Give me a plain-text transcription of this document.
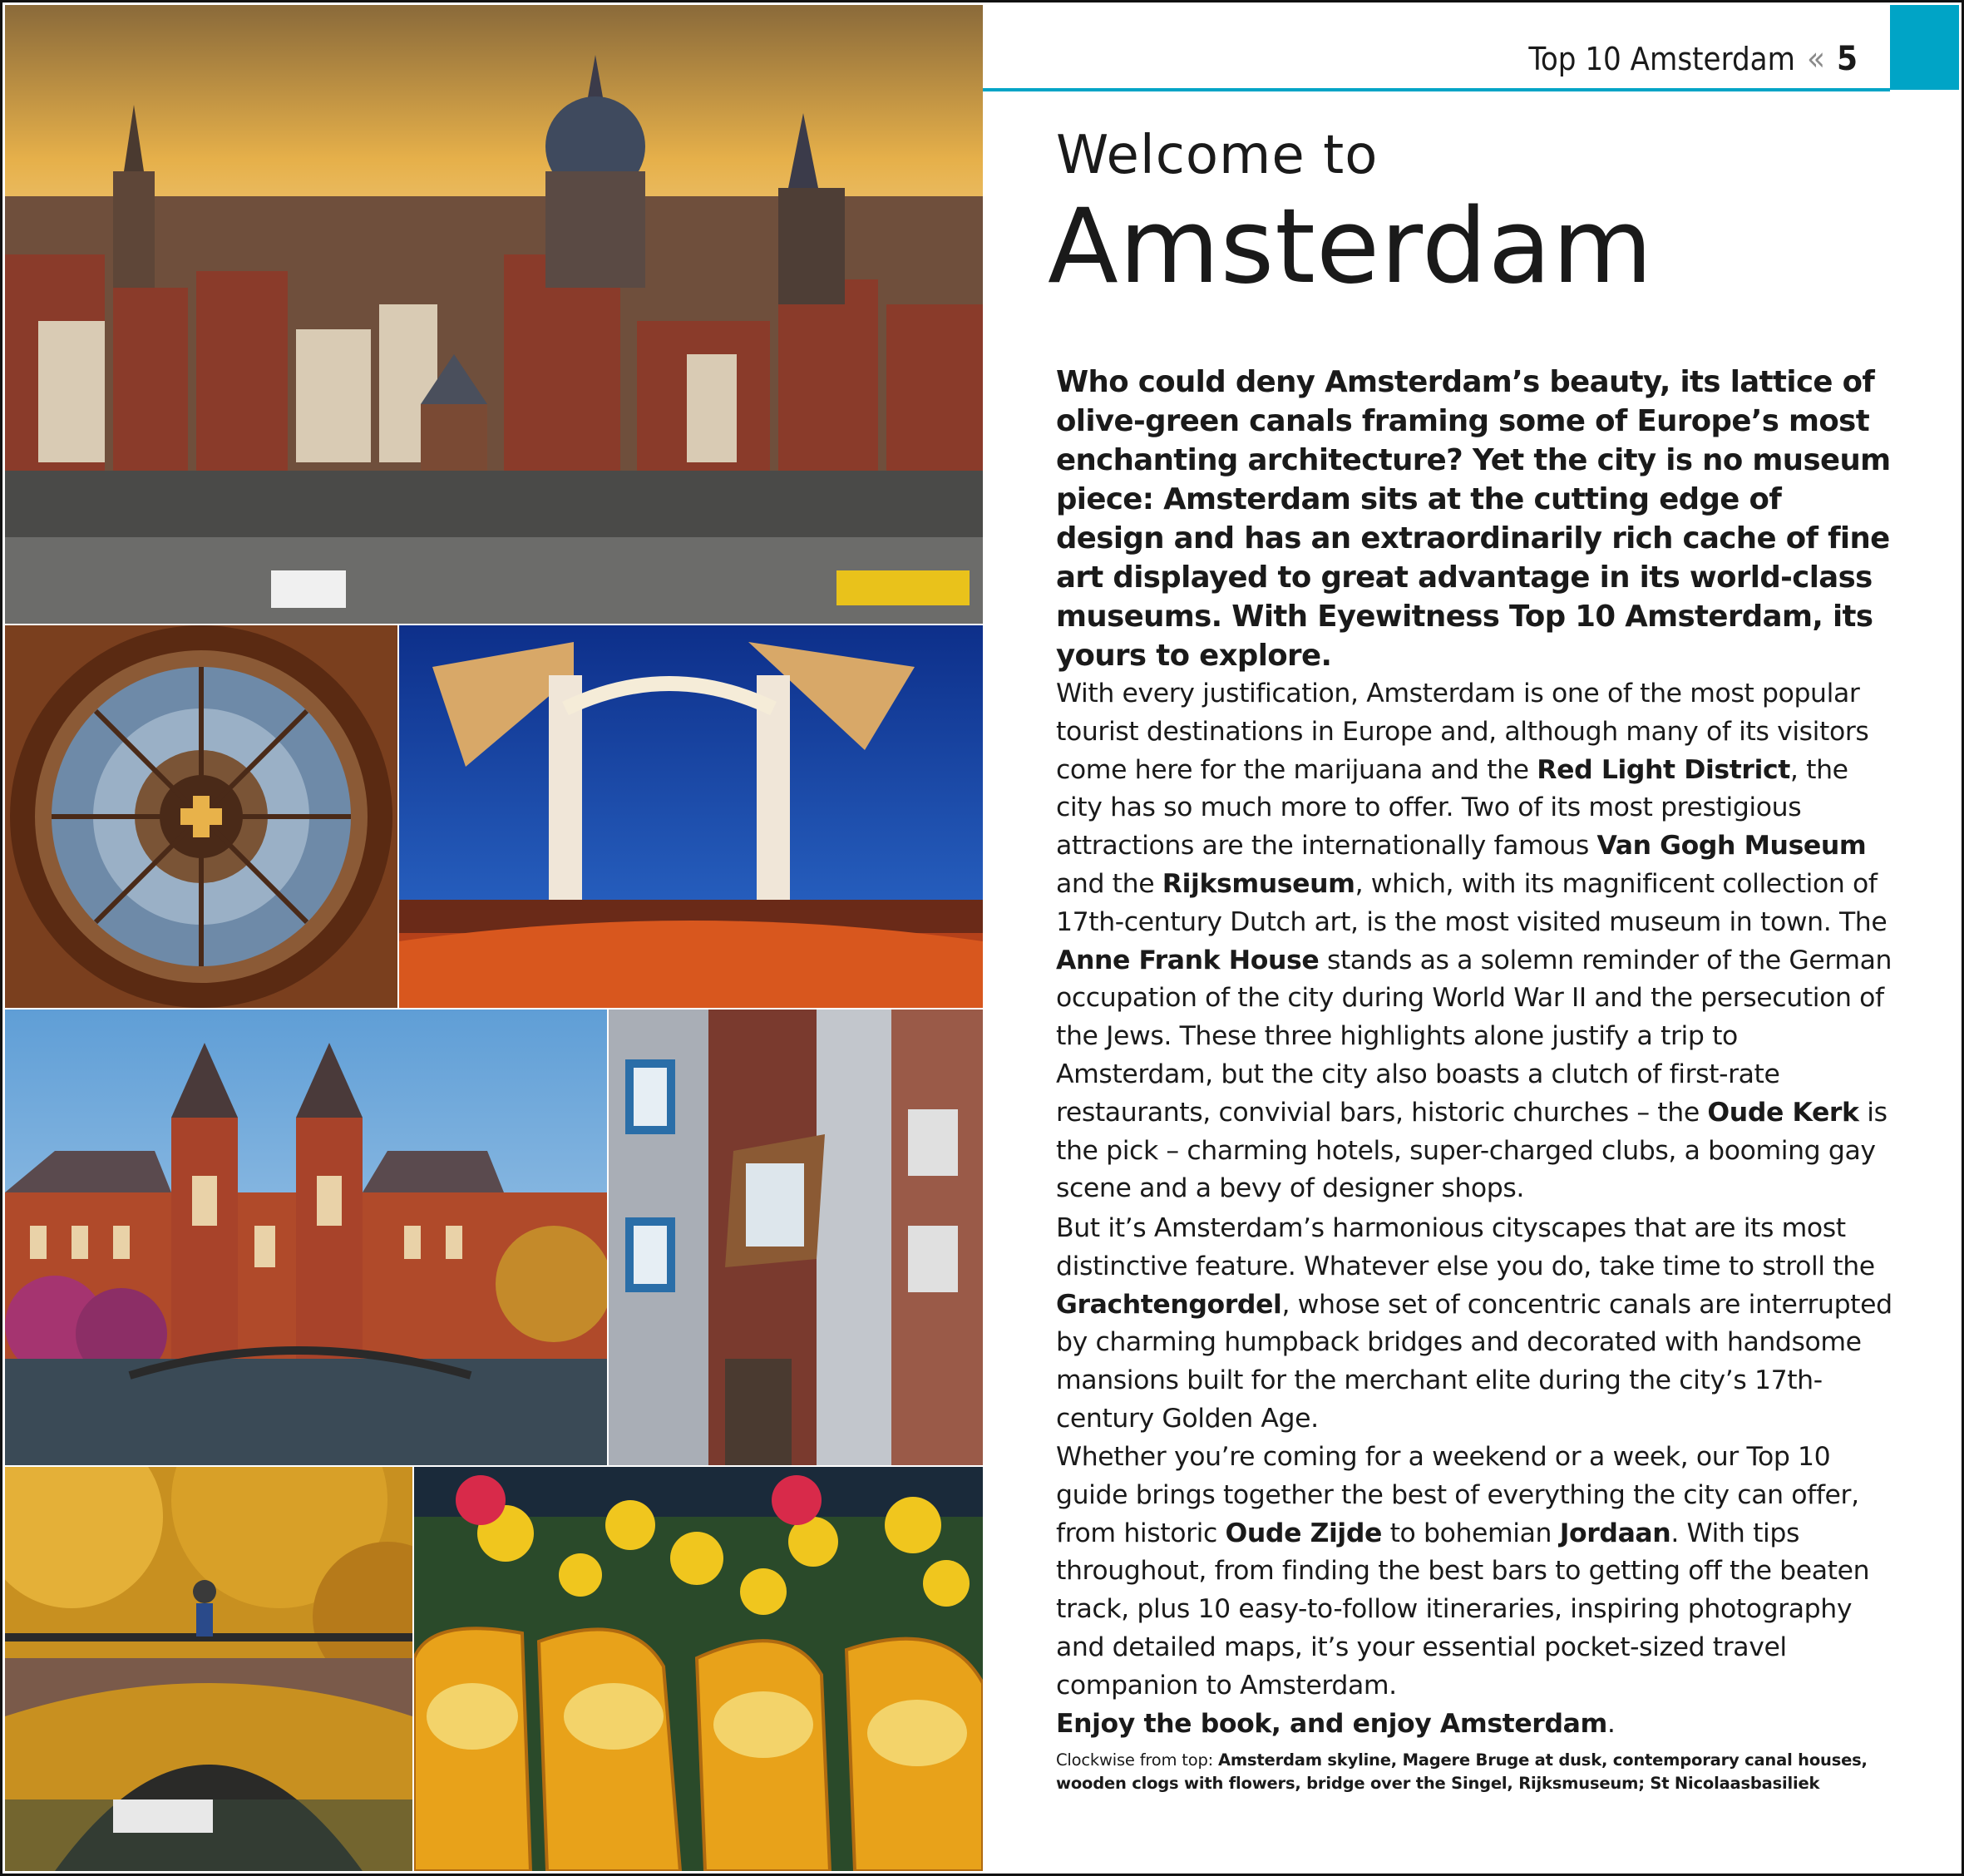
Top 10 Amsterdam « 5
Welcome to
Amsterdam
Who could deny Amsterdam’s beauty, its lattice of olive-green canals framing some of Europe’s most enchanting architecture? Yet the city is no museum piece: Amsterdam sits at the cutting edge of design and has an extraordinarily rich cache of fine art displayed to great advantage in its world-class museums. With Eyewitness Top 10 Amsterdam, its yours to explore.

With every justification, Amsterdam is one of the most popular tourist destinations in Europe and, although many of its visitors come here for the marijuana and the Red Light District, the city has so much more to offer. Two of its most prestigious attractions are the internationally famous Van Gogh Museum and the Rijksmuseum, which, with its magnificent collection of 17th-century Dutch art, is the most visited museum in town. The Anne Frank House stands as a solemn reminder of the German occupation of the city during World War II and the persecution of the Jews. These three highlights alone justify a trip to Amsterdam, but the city also boasts a clutch of first-rate restaurants, convivial bars, historic churches – the Oude Kerk is the pick – charming hotels, super-charged clubs, a booming gay scene and a bevy of designer shops.

But it’s Amsterdam’s harmonious cityscapes that are its most distinctive feature. Whatever else you do, take time to stroll the Grachtengordel, whose set of concentric canals are interrupted by charming humpback bridges and decorated with handsome mansions built for the merchant elite during the city’s 17th-century Golden Age.

Whether you’re coming for a weekend or a week, our Top 10 guide brings together the best of everything the city can offer, from historic Oude Zijde to bohemian Jordaan. With tips throughout, from finding the best bars to getting off the beaten track, plus 10 easy-to-follow itineraries, inspiring photography and detailed maps, it’s your essential pocket-sized travel companion to Amsterdam.
Enjoy the book, and enjoy Amsterdam.

Clockwise from top: Amsterdam skyline, Magere Bruge at dusk, contemporary canal houses, wooden clogs with flowers, bridge over the Singel, Rijksmuseum; St Nicolaasbasiliek
